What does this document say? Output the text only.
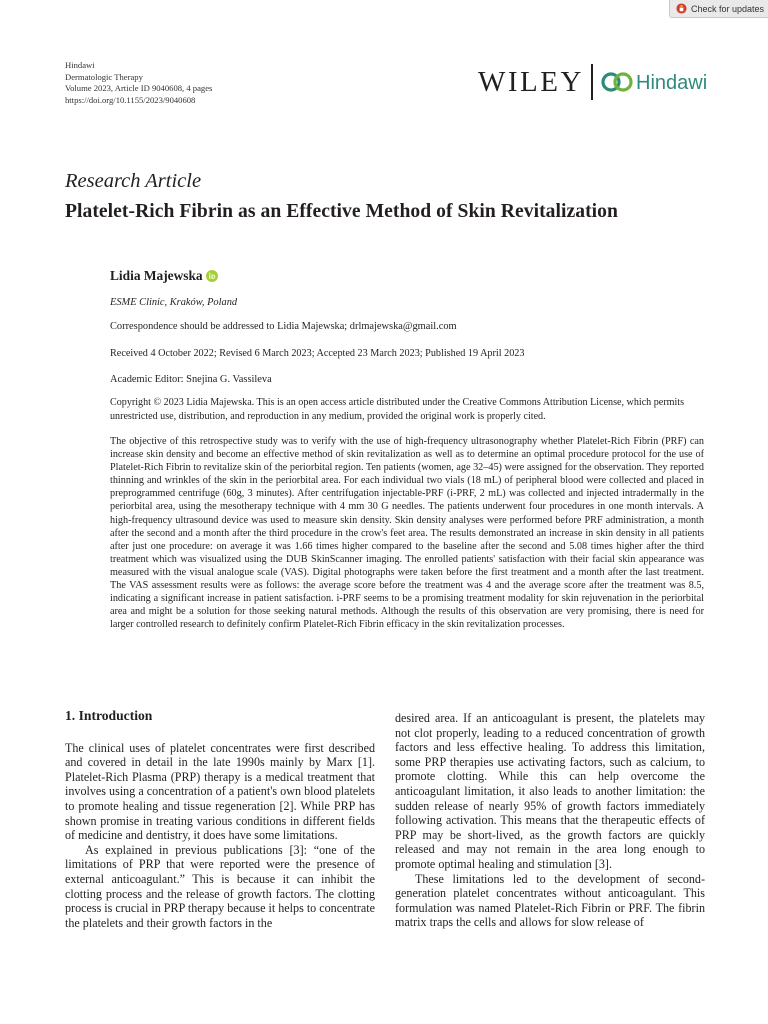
Check for updates
Hindawi
Dermatologic Therapy
Volume 2023, Article ID 9040608, 4 pages
https://doi.org/10.1155/2023/9040608
WILEY	Hindawi
Research Article
Platelet-Rich Fibrin as an Effective Method of Skin Revitalization
Lidia Majewska
ESME Clinic, Kraków, Poland
Correspondence should be addressed to Lidia Majewska; drlmajewska@gmail.com
Received 4 October 2022; Revised 6 March 2023; Accepted 23 March 2023; Published 19 April 2023
Academic Editor: Snejina G. Vassileva
Copyright © 2023 Lidia Majewska. This is an open access article distributed under the Creative Commons Attribution License, which permits unrestricted use, distribution, and reproduction in any medium, provided the original work is properly cited.
The objective of this retrospective study was to verify with the use of high-frequency ultrasonography whether Platelet-Rich Fibrin (PRF) can increase skin density and become an effective method of skin revitalization as well as to determine an optimal procedure protocol for the use of Platelet-Rich Fibrin to revitalize skin of the periorbital region. Ten patients (women, age 32–45) were assigned for the observation. They reported thinning and wrinkles of the skin in the periorbital area. For each individual two vials (18 mL) of peripheral blood were collected and placed in preprogrammed centrifuge (60g, 3 minutes). After centrifugation injectable-PRF (i-PRF, 2 mL) was collected and injected intradermally in the periorbital area, using the mesotherapy technique with 4 mm 30 G needles. The patients underwent four procedures in one month intervals. A high-frequency ultrasound device was used to measure skin density. Skin density analyses were performed before PRF administration, a month after the second and a month after the third procedure in the crow's feet area. The results demonstrated an increase in skin density in all patients after just one procedure: on average it was 1.66 times higher compared to the baseline after the second and 5.08 times higher after the third treatment which was visualized using the DUB SkinScanner imaging. The enrolled patients' satisfaction with their facial skin appearance was measured with the visual analogue scale (VAS). Digital photographs were taken before the first treatment and a month after the last treatment. The VAS assessment results were as follows: the average score before the treatment was 4 and the average score after the treatment was 8.5, indicating a significant increase in patient satisfaction. i-PRF seems to be a promising treatment modality for skin rejuvenation in the periorbital area and might be a solution for those seeking natural methods. Although the results of this observation are very promising, there is need for larger controlled research to definitely confirm Platelet-Rich Fibrin efficacy in the skin revitalization processes.

1. Introduction

The clinical uses of platelet concentrates were first described and covered in detail in the late 1990s mainly by Marx [1]. Platelet-Rich Plasma (PRP) therapy is a medical treatment that involves using a concentration of a patient's own blood platelets to promote healing and tissue regeneration [2]. While PRP has shown promise in treating various conditions in different fields of medicine and dentistry, it does have some limitations.

As explained in previous publications [3]: “one of the limitations of PRP that were reported were the presence of external anticoagulant.” This is because it can inhibit the clotting process and the release of growth factors. The clotting process is crucial in PRP therapy because it helps to concentrate the platelets and their growth factors in the

desired area. If an anticoagulant is present, the platelets may not clot properly, leading to a reduced concentration of growth factors and less effective healing. To address this limitation, some PRP therapies use activating factors, such as calcium, to promote clotting. While this can help overcome the anticoagulant limitation, it also leads to another limitation: the sudden release of nearly 95% of growth factors immediately following activation. This means that the therapeutic effects of PRP may be short-lived, as the growth factors are quickly released and may not remain in the area long enough to promote optimal healing and stimulation [3].

These limitations led to the development of second-generation platelet concentrates without anticoagulant. This formulation was named Platelet-Rich Fibrin or PRF. The fibrin matrix traps the cells and allows for slow release of
